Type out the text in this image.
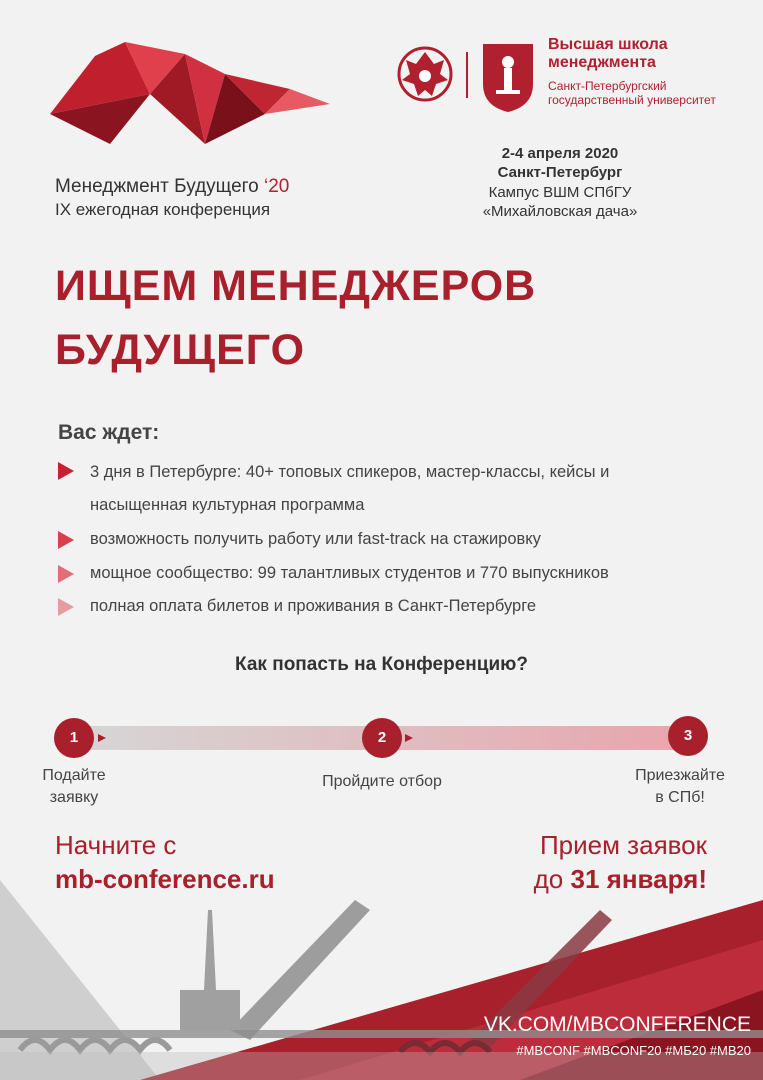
Менеджмент Будущего ‘20
IX ежегодная конференция
Высшая школа
менеджмента
Санкт-Петербургский
государственный университет
2-4 апреля 2020
Санкт-Петербург
Кампус ВШМ СПбГУ
«Михайловская дача»
ИЩЕМ МЕНЕДЖЕРОВ
БУДУЩЕГО
Вас ждет:
3 дня в Петербурге: 40+ топовых спикеров, мастер-классы, кейсы и
насыщенная культурная программа
возможность получить работу или fast-track на стажировку
мощное сообщество: 99 талантливых студентов и 770 выпускников
полная оплата билетов и проживания в Санкт-Петербурге
Как попасть на Конференцию?
1	2	3
Подайте
заявку
Пройдите отбор	Приезжайте
в СПб!
Начните с
mb-conference.ru
Прием заявок
до 31 января!
VK.COM/MBCONFERENCE
#MBCONF #MBCONF20 #MБ20 #MB20
